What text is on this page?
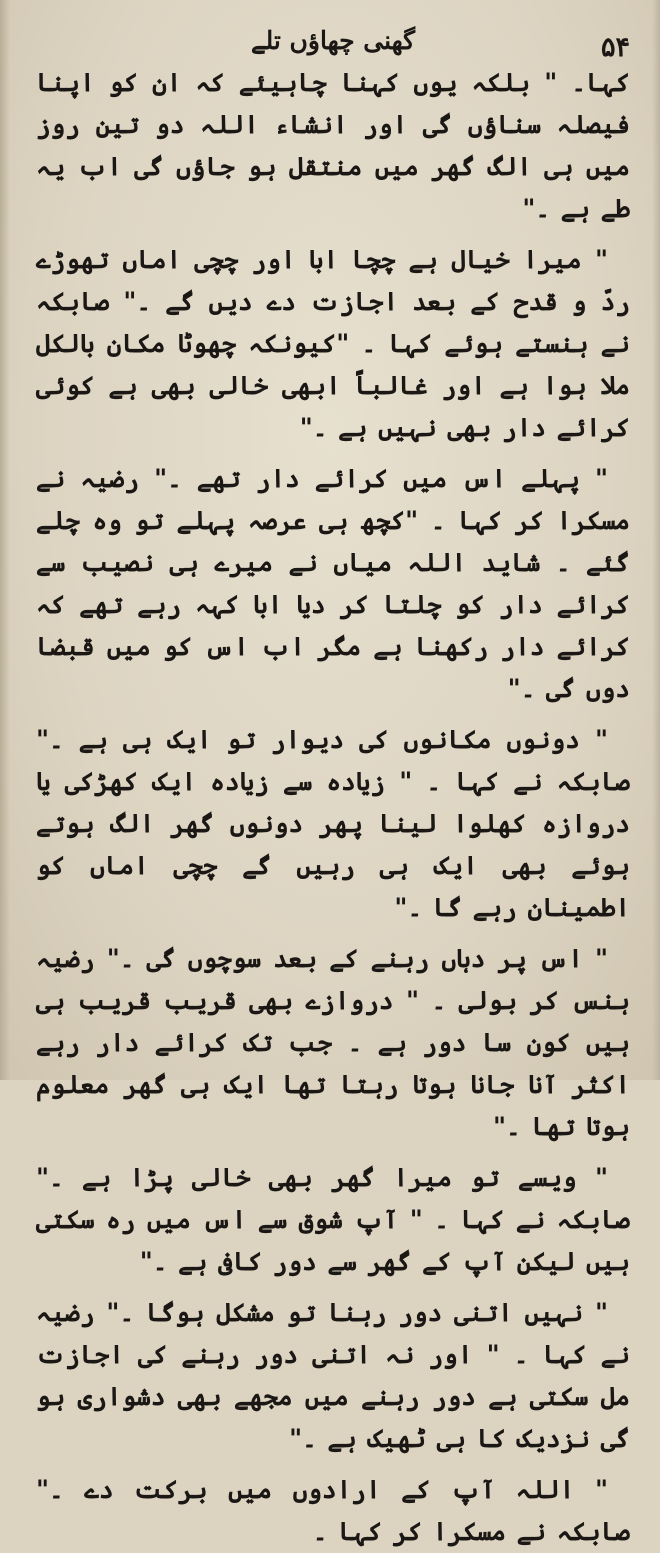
گھنی چھاؤں تلے	۵۴

کہا۔ " بلکہ یوں کہنا چاہیئے کہ ان کو اپنا فیصلہ سناؤں گی اور انشاء اللہ دو تین روز میں ہی الگ گھر میں منتقل ہو جاؤں گی اب یہ طے ہے ۔"

" میرا خیال ہے چچا ابا اور چچی اماں تھوڑے ردّ و قدح کے بعد اجازت دے دیں گے ۔" صابکہ نے ہنستے ہوئے کہا ۔ "کیونکہ چھوٹا مکان بالکل ملا ہوا ہے اور غالباً ابھی خالی بھی ہے کوئی کرائے دار بھی نہیں ہے ۔"

" پہلے اس میں کرائے دار تھے ۔" رضیہ نے مسکرا کر کہا ۔ "کچھ ہی عرصہ پہلے تو وہ چلے گئے ۔ شاید اللہ میاں نے میرے ہی نصیب سے کرائے دار کو چلتا کر دیا ابا کہہ رہے تھے کہ کرائے دار رکھنا ہے مگر اب اس کو میں قبضا دوں گی ۔"

" دونوں مکانوں کی دیوار تو ایک ہی ہے ۔" صابکہ نے کہا ۔ " زیادہ سے زیادہ ایک کھڑکی یا دروازہ کھلوا لینا پھر دونوں گھر الگ ہوتے ہوئے بھی ایک ہی رہیں گے چچی اماں کو اطمینان رہے گا ۔"

" اس پر دہاں رہنے کے بعد سوچوں گی ۔" رضیہ ہنس کر بولی ۔ " دروازے بھی قریب قریب ہی ہیں کون سا دور ہے ۔ جب تک کرائے دار رہے اکثر آنا جانا ہوتا رہتا تھا ایک ہی گھر معلوم ہوتا تھا ۔"

" ویسے تو میرا گھر بھی خالی پڑا ہے ۔" صابکہ نے کہا ۔ " آپ شوق سے اس میں رہ سکتی ہیں لیکن آپ کے گھر سے دور کافی ہے ۔"

" نہیں اتنی دور رہنا تو مشکل ہوگا ۔" رضیہ نے کہا ۔ " اور نہ اتنی دور رہنے کی اجازت مل سکتی ہے دور رہنے میں مجھے بھی دشواری ہو گی نزدیک کا ہی ٹھیک ہے ۔"

" اللہ آپ کے ارادوں میں برکت دے ۔" صابکہ نے مسکرا کر کہا ۔
